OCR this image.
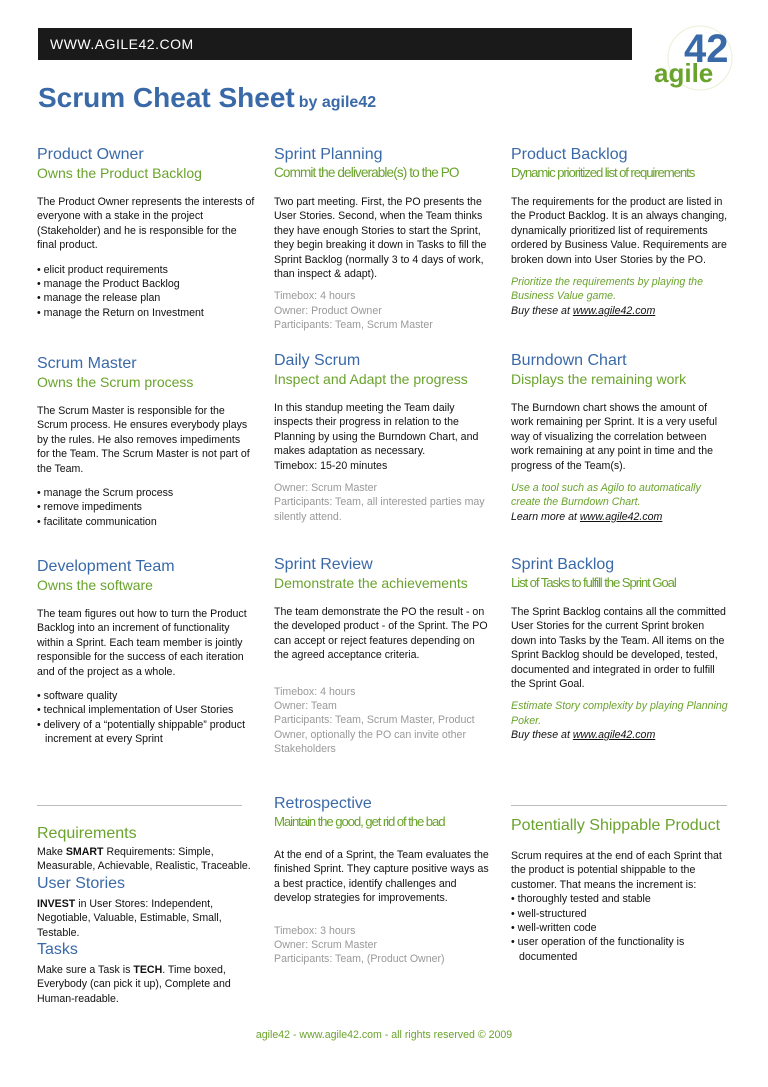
WWW.AGILE42.COM	42
agile
Scrum Cheat Sheet by agile42
Product Owner
Owns the Product Backlog
The Product Owner represents the interests of everyone with a stake in the project (Stakeholder) and he is responsible for the final product.
• elicit product requirements
• manage the Product Backlog
• manage the release plan
• manage the Return on Investment
Sprint Planning
Commit the deliverable(s) to the PO
Two part meeting. First, the PO presents the User Stories. Second, when the Team thinks they have enough Stories to start the Sprint, they begin breaking it down in Tasks to fill the Sprint Backlog (normally 3 to 4 days of work, than inspect & adapt).
Timebox: 4 hours
Owner: Product Owner
Participants: Team, Scrum Master
Product Backlog
Dynamic prioritized list of requirements
The requirements for the product are listed in the Product Backlog. It is an always changing, dynamically prioritized list of requirements ordered by Business Value. Requirements are broken down into User Stories by the PO.
Prioritize the requirements by playing the Business Value game.
Buy these at www.agile42.com
Scrum Master
Owns the Scrum process
The Scrum Master is responsible for the Scrum process. He ensures everybody plays by the rules. He also removes impediments for the Team. The Scrum Master is not part of the Team.
• manage the Scrum process
• remove impediments
• facilitate communication
Daily Scrum
Inspect and Adapt the progress
In this standup meeting the Team daily inspects their progress in relation to the Planning by using the Burndown Chart, and makes adaptation as necessary.
Timebox: 15-20 minutes
Owner: Scrum Master
Participants: Team, all interested parties may silently attend.
Burndown Chart
Displays the remaining work
The Burndown chart shows the amount of work remaining per Sprint. It is a very useful way of visualizing the correlation between work remaining at any point in time and the progress of the Team(s).
Use a tool such as Agilo to automatically create the Burndown Chart.
Learn more at www.agile42.com
Development Team
Owns the software
The team figures out how to turn the Product Backlog into an increment of functionality within a Sprint. Each team member is jointly responsible for the success of each iteration and of the project as a whole.
• software quality
• technical implementation of User Stories
• delivery of a “potentially shippable” product increment at every Sprint
Sprint Review
Demonstrate the achievements
The team demonstrate the PO the result - on the developed product - of the Sprint. The PO can accept or reject features depending on the agreed acceptance criteria.
Timebox: 4 hours
Owner: Team
Participants: Team, Scrum Master, Product Owner, optionally the PO can invite other Stakeholders
Sprint Backlog
List of Tasks to fulfill the Sprint Goal
The Sprint Backlog contains all the committed User Stories for the current Sprint broken down into Tasks by the Team. All items on the Sprint Backlog should be developed, tested, documented and integrated in order to fulfill the Sprint Goal.
Estimate Story complexity by playing Planning Poker.
Buy these at www.agile42.com
Requirements

Make SMART Requirements: Simple, Measurable, Achievable, Realistic, Traceable.

User Stories

INVEST in User Stores: Independent, Negotiable, Valuable, Estimable, Small, Testable.

Tasks

Make sure a Task is TECH. Time boxed, Everybody (can pick it up), Complete and Human-readable.

Retrospective
Maintain the good, get rid of the bad
At the end of a Sprint, the Team evaluates the finished Sprint. They capture positive ways as a best practice, identify challenges and develop strategies for improvements.
Timebox: 3 hours
Owner: Scrum Master
Participants: Team, (Product Owner)
Potentially Shippable Product
Scrum requires at the end of each Sprint that the product is potential shippable to the customer. That means the increment is:
• thoroughly tested and stable
• well-structured
• well-written code
• user operation of the functionality is documented
agile42 - www.agile42.com - all rights reserved © 2009
